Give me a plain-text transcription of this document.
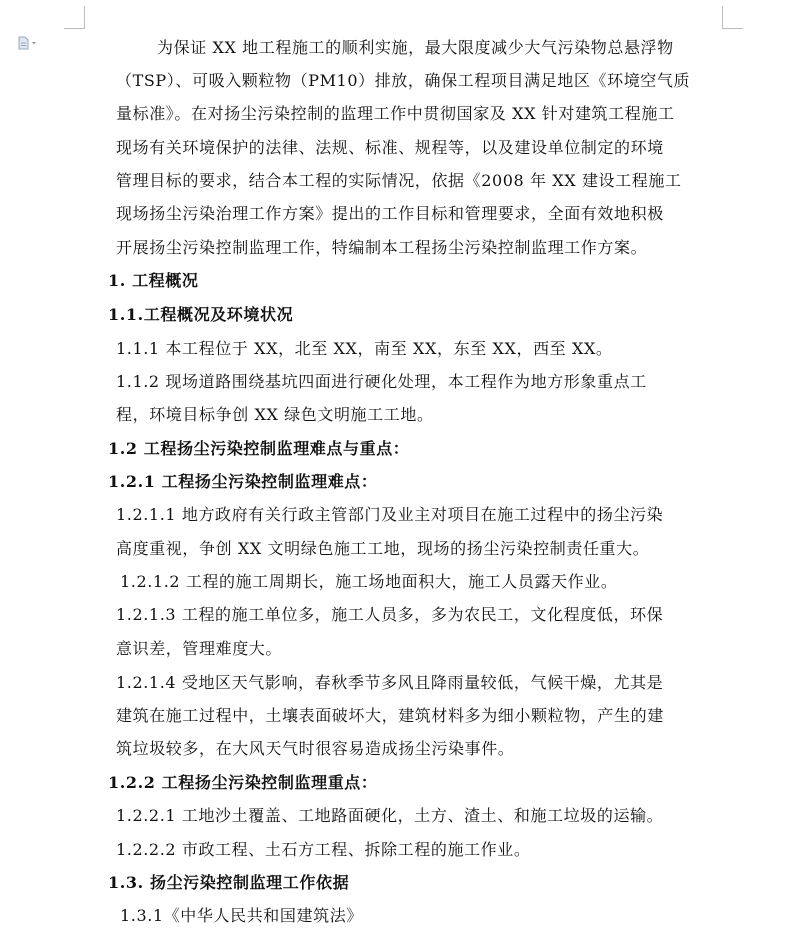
为保证 XX 地工程施工的顺利实施，最大限度减少大气污染物总悬浮物
（TSP）、可吸入颗粒物（PM10）排放，确保工程项目满足地区《环境空气质
量标准》。在对扬尘污染控制的监理工作中贯彻国家及 XX 针对建筑工程施工
现场有关环境保护的法律、法规、标准、规程等，以及建设单位制定的环境
管理目标的要求，结合本工程的实际情况，依据《2008 年 XX 建设工程施工
现场扬尘污染治理工作方案》提出的工作目标和管理要求，全面有效地积极
开展扬尘污染控制监理工作，特编制本工程扬尘污染控制监理工作方案。
1. 工程概况
1.1.工程概况及环境状况
1.1.1 本工程位于 XX，北至 XX，南至 XX，东至 XX，西至 XX。
1.1.2 现场道路围绕基坑四面进行硬化处理，本工程作为地方形象重点工
程，环境目标争创 XX 绿色文明施工工地。
1.2 工程扬尘污染控制监理难点与重点：
1.2.1 工程扬尘污染控制监理难点：
1.2.1.1 地方政府有关行政主管部门及业主对项目在施工过程中的扬尘污染
高度重视，争创 XX 文明绿色施工工地，现场的扬尘污染控制责任重大。
1.2.1.2 工程的施工周期长，施工场地面积大，施工人员露天作业。
1.2.1.3 工程的施工单位多，施工人员多，多为农民工，文化程度低，环保
意识差，管理难度大。
1.2.1.4 受地区天气影响，春秋季节多风且降雨量较低，气候干燥，尤其是
建筑在施工过程中，土壤表面破坏大，建筑材料多为细小颗粒物，产生的建
筑垃圾较多，在大风天气时很容易造成扬尘污染事件。
1.2.2 工程扬尘污染控制监理重点：
1.2.2.1 工地沙土覆盖、工地路面硬化，土方、渣土、和施工垃圾的运输。
1.2.2.2 市政工程、土石方工程、拆除工程的施工作业。
1.3. 扬尘污染控制监理工作依据
1.3.1《中华人民共和国建筑法》
